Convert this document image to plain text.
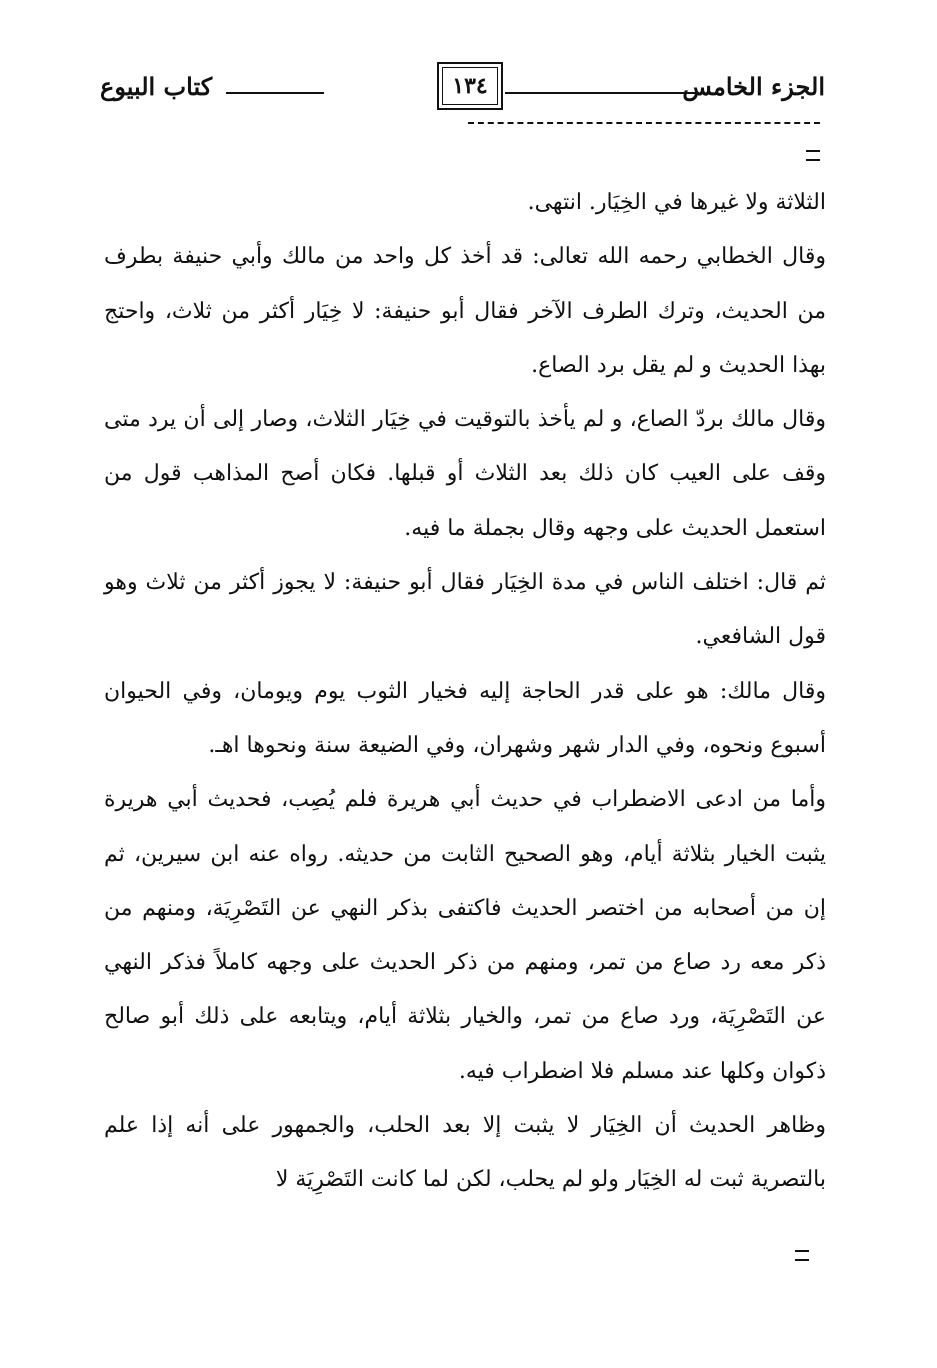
الجزء الخامس
١٣٤
كتاب البيوع

الثلاثة ولا غيرها في الخِيَار. انتهى.

وقال الخطابي رحمه الله تعالى: قد أخذ كل واحد من مالك وأبي حنيفة بطرف من الحديث، وترك الطرف الآخر فقال أبو حنيفة: لا خِيَار أكثر من ثلاث، واحتج بهذا الحديث و لم يقل برد الصاع.

وقال مالك بردّ الصاع، و لم يأخذ بالتوقيت في خِيَار الثلاث، وصار إلى أن يرد متى وقف على العيب كان ذلك بعد الثلاث أو قبلها. فكان أصح المذاهب قول من استعمل الحديث على وجهه وقال بجملة ما فيه.

ثم قال: اختلف الناس في مدة الخِيَار فقال أبو حنيفة: لا يجوز أكثر من ثلاث وهو قول الشافعي.

وقال مالك: هو على قدر الحاجة إليه فخيار الثوب يوم ويومان، وفي الحيوان أسبوع ونحوه، وفي الدار شهر وشهران، وفي الضيعة سنة ونحوها اهـ.

وأما من ادعى الاضطراب في حديث أبي هريرة فلم يُصِب، فحديث أبي هريرة يثبت الخيار بثلاثة أيام، وهو الصحيح الثابت من حديثه. رواه عنه ابن سيرين، ثم إن من أصحابه من اختصر الحديث فاكتفى بذكر النهي عن التَصْرِيَة، ومنهم من ذكر معه رد صاع من تمر، ومنهم من ذكر الحديث على وجهه كاملاً فذكر النهي عن التَصْرِيَة، ورد صاع من تمر، والخيار بثلاثة أيام، ويتابعه على ذلك أبو صالح ذكوان وكلها عند مسلم فلا اضطراب فيه.

وظاهر الحديث أن الخِيَار لا يثبت إلا بعد الحلب، والجمهور على أنه إذا علم بالتصرية ثبت له الخِيَار ولو لم يحلب، لكن لما كانت التَصْرِيَة لا
